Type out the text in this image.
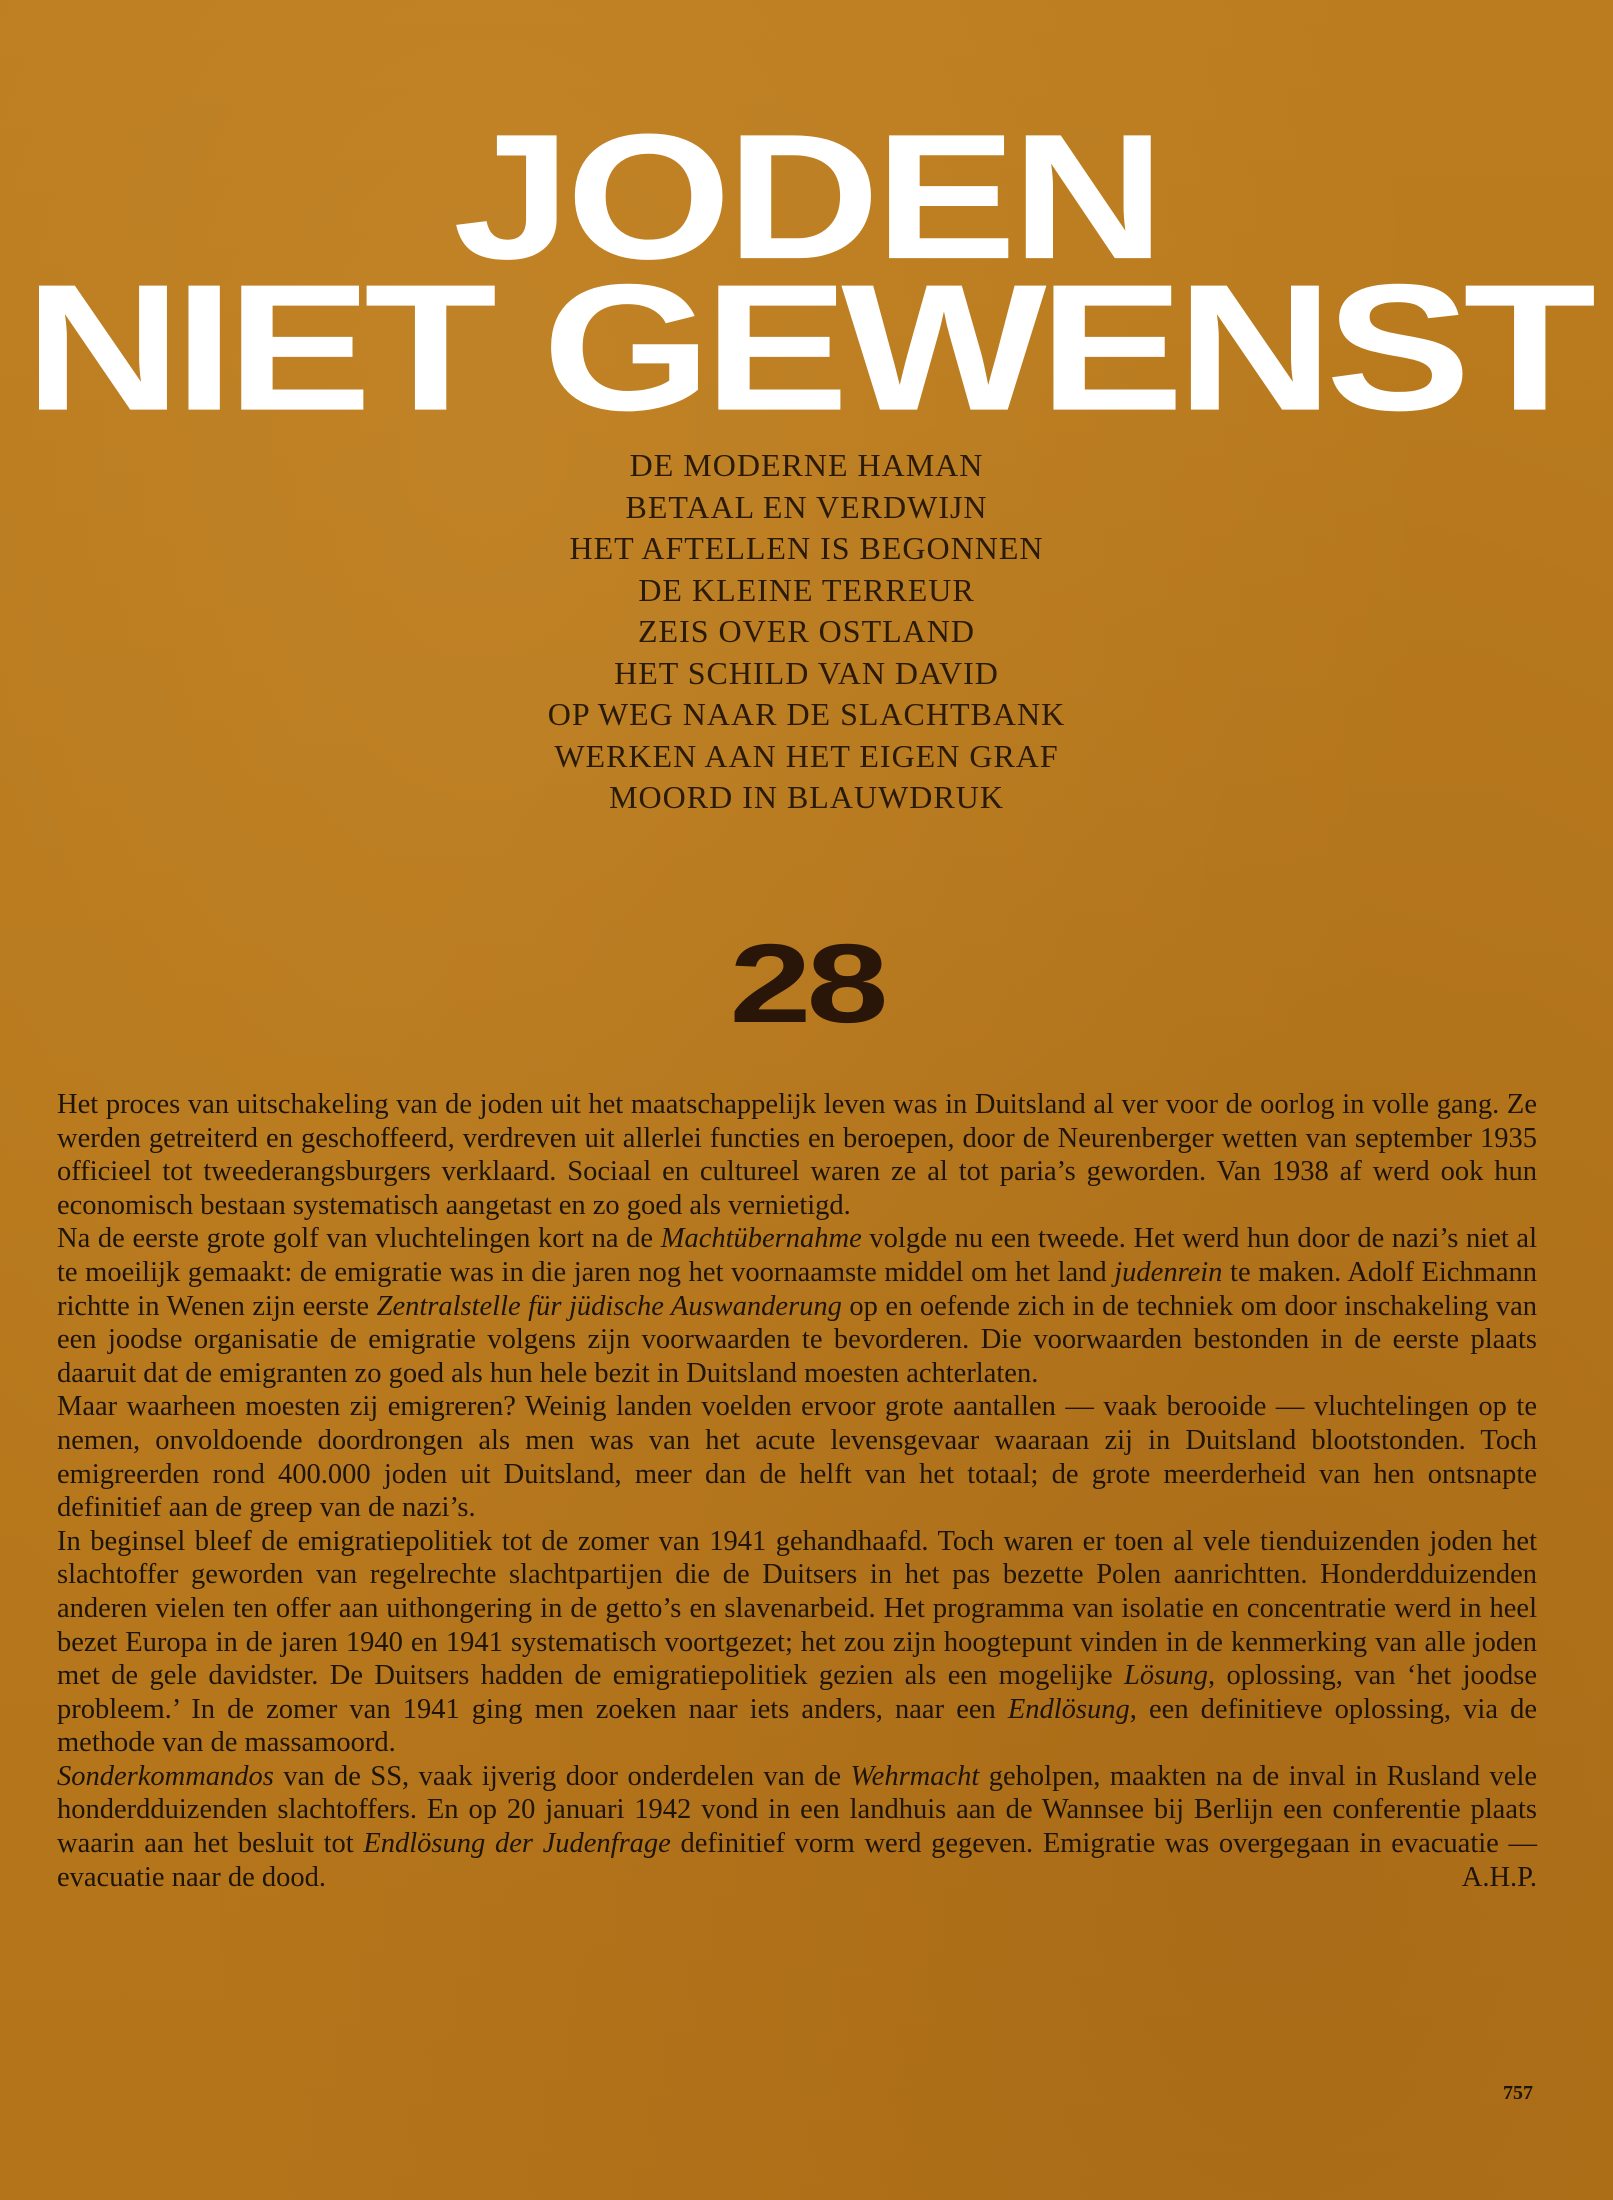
JODEN
NIET GEWENST
DE MODERNE HAMAN
BETAAL EN VERDWIJN
HET AFTELLEN IS BEGONNEN
DE KLEINE TERREUR
ZEIS OVER OSTLAND
HET SCHILD VAN DAVID
OP WEG NAAR DE SLACHTBANK
WERKEN AAN HET EIGEN GRAF
MOORD IN BLAUWDRUK
28

Het proces van uitschakeling van de joden uit het maatschappelijk leven was in Duitsland al ver voor de oorlog in volle gang. Ze werden getreiterd en geschoffeerd, verdreven uit allerlei functies en beroepen, door de Neurenberger wetten van september 1935 officieel tot tweederangsburgers verklaard. Sociaal en cultureel waren ze al tot paria’s geworden. Van 1938 af werd ook hun economisch bestaan systematisch aangetast en zo goed als vernietigd.

Na de eerste grote golf van vluchtelingen kort na de Machtübernahme volgde nu een tweede. Het werd hun door de nazi’s niet al te moeilijk gemaakt: de emigratie was in die jaren nog het voornaamste middel om het land judenrein te maken. Adolf Eichmann richtte in Wenen zijn eerste Zentralstelle für jüdische Auswanderung op en oefende zich in de techniek om door inschakeling van een joodse organisatie de emigratie volgens zijn voorwaarden te bevorderen. Die voorwaarden bestonden in de eerste plaats daaruit dat de emigranten zo goed als hun hele bezit in Duitsland moesten achterlaten.

Maar waarheen moesten zij emigreren? Weinig landen voelden ervoor grote aantallen — vaak berooide — vluchtelingen op te nemen, onvoldoende doordrongen als men was van het acute levensgevaar waaraan zij in Duitsland blootstonden. Toch emigreerden rond 400.000 joden uit Duitsland, meer dan de helft van het totaal; de grote meerderheid van hen ontsnapte definitief aan de greep van de nazi’s.

In beginsel bleef de emigratiepolitiek tot de zomer van 1941 gehandhaafd. Toch waren er toen al vele tienduizenden joden het slachtoffer geworden van regelrechte slachtpartijen die de Duitsers in het pas bezette Polen aanrichtten. Honderdduizenden anderen vielen ten offer aan uithongering in de getto’s en slavenarbeid. Het programma van isolatie en concentratie werd in heel bezet Europa in de jaren 1940 en 1941 systematisch voortgezet; het zou zijn hoogtepunt vinden in de kenmerking van alle joden met de gele davidster. De Duitsers hadden de emigratiepolitiek gezien als een mogelijke Lösung, oplossing, van ‘het joodse probleem.’ In de zomer van 1941 ging men zoeken naar iets anders, naar een Endlösung, een definitieve oplossing, via de methode van de massamoord.

Sonderkommandos van de SS, vaak ijverig door onderdelen van de Wehrmacht geholpen, maakten na de inval in Rusland vele honderdduizenden slachtoffers. En op 20 januari 1942 vond in een landhuis aan de Wannsee bij Berlijn een conferentie plaats waarin aan het besluit tot Endlösung der Judenfrage definitief vorm werd gegeven. Emigratie was overgegaan in evacuatie — evacuatie naar de dood.	A.H.P.

757
